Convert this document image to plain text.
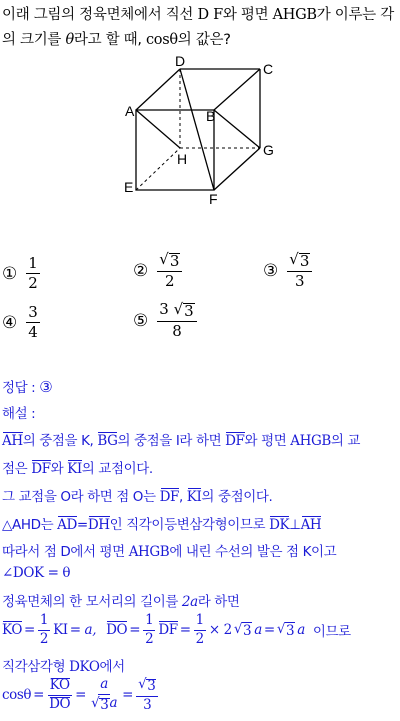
이래 그림의 정육면체에서 직선 D F와 평면 AHGB가 이루는 각
의 크기를 θ라고 할 때, cosθ의 값은?
D	C
A	B
H
G
E
F
① $\frac{1}{2}$	② $\frac{√ 3}{2}$	③ $\frac{√ 3}{3}$
④ $\frac{3}{4}$	⑤ $\frac{3 √ 3}{8}$
정답 : ③
해설 :
AH의 중점을 K, BG의 중점을 I라 하면 DF와 평면 AHGB의 교
점은 DF와 KI의 교점이다.
그 교점을 O라 하면 점 O는 DF, KI의 중점이다.
△AHD는 AD=DH인 직각이등변삼각형이므로 DK⊥AH
따라서 점 D에서 평면 AHGB에 내린 수선의 발은 점 K이고
∠DOK = θ
정육면체의 한 모서리의 길이를 2a라 하면
KO = $\frac{1}{2}$ KI = a, DO = $\frac{1}{2}$ DF = $\frac{1}{2} \times 2$ √ 3 a = √ 3 a 이므로
직각삼각형 DKO에서
$\cos\theta = \frac{KO}{DO} = \frac{a}{√ 3 a} = \frac{√ 3}{3}$
